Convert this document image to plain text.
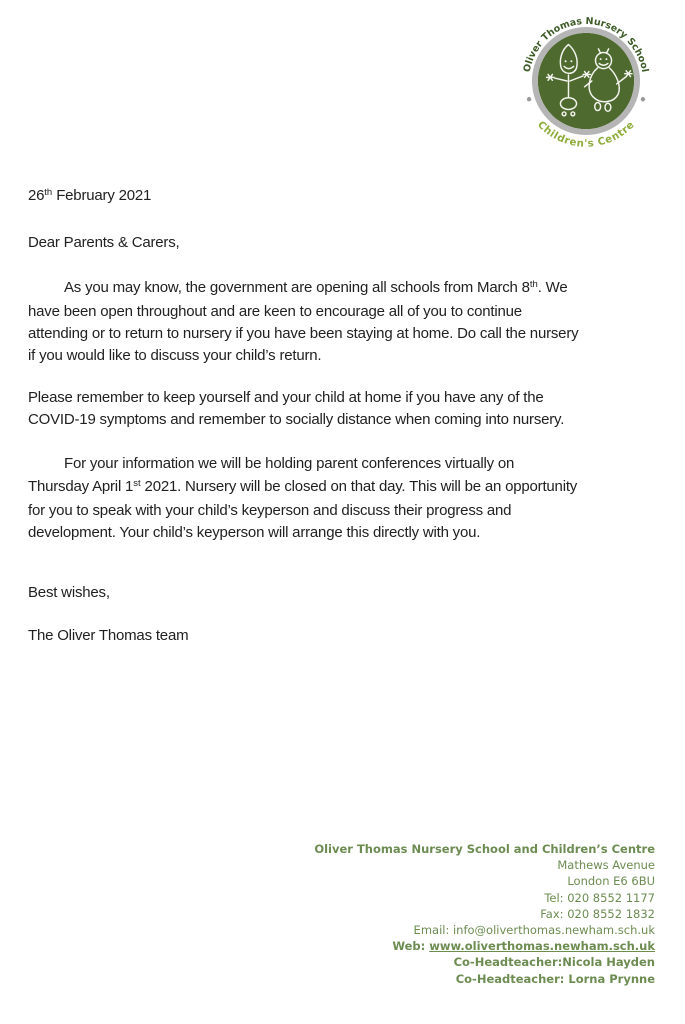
Oliver Thomas Nursery School
Children's Centre
26th February 2021
Dear Parents & Carers,
As you may know, the government are opening all schools from March 8th. We
have been open throughout and are keen to encourage all of you to continue
attending or to return to nursery if you have been staying at home. Do call the nursery
if you would like to discuss your child’s return.
Please remember to keep yourself and your child at home if you have any of the
COVID-19 symptoms and remember to socially distance when coming into nursery.
For your information we will be holding parent conferences virtually on
Thursday April 1st 2021. Nursery will be closed on that day. This will be an opportunity
for you to speak with your child’s keyperson and discuss their progress and
development. Your child’s keyperson will arrange this directly with you.
Best wishes,
The Oliver Thomas team
Oliver Thomas Nursery School and Children’s Centre
Mathews Avenue
London E6 6BU
Tel: 020 8552 1177
Fax: 020 8552 1832
Email: info@oliverthomas.newham.sch.uk
Web: www.oliverthomas.newham.sch.uk
Co-Headteacher:Nicola Hayden
Co-Headteacher: Lorna Prynne
